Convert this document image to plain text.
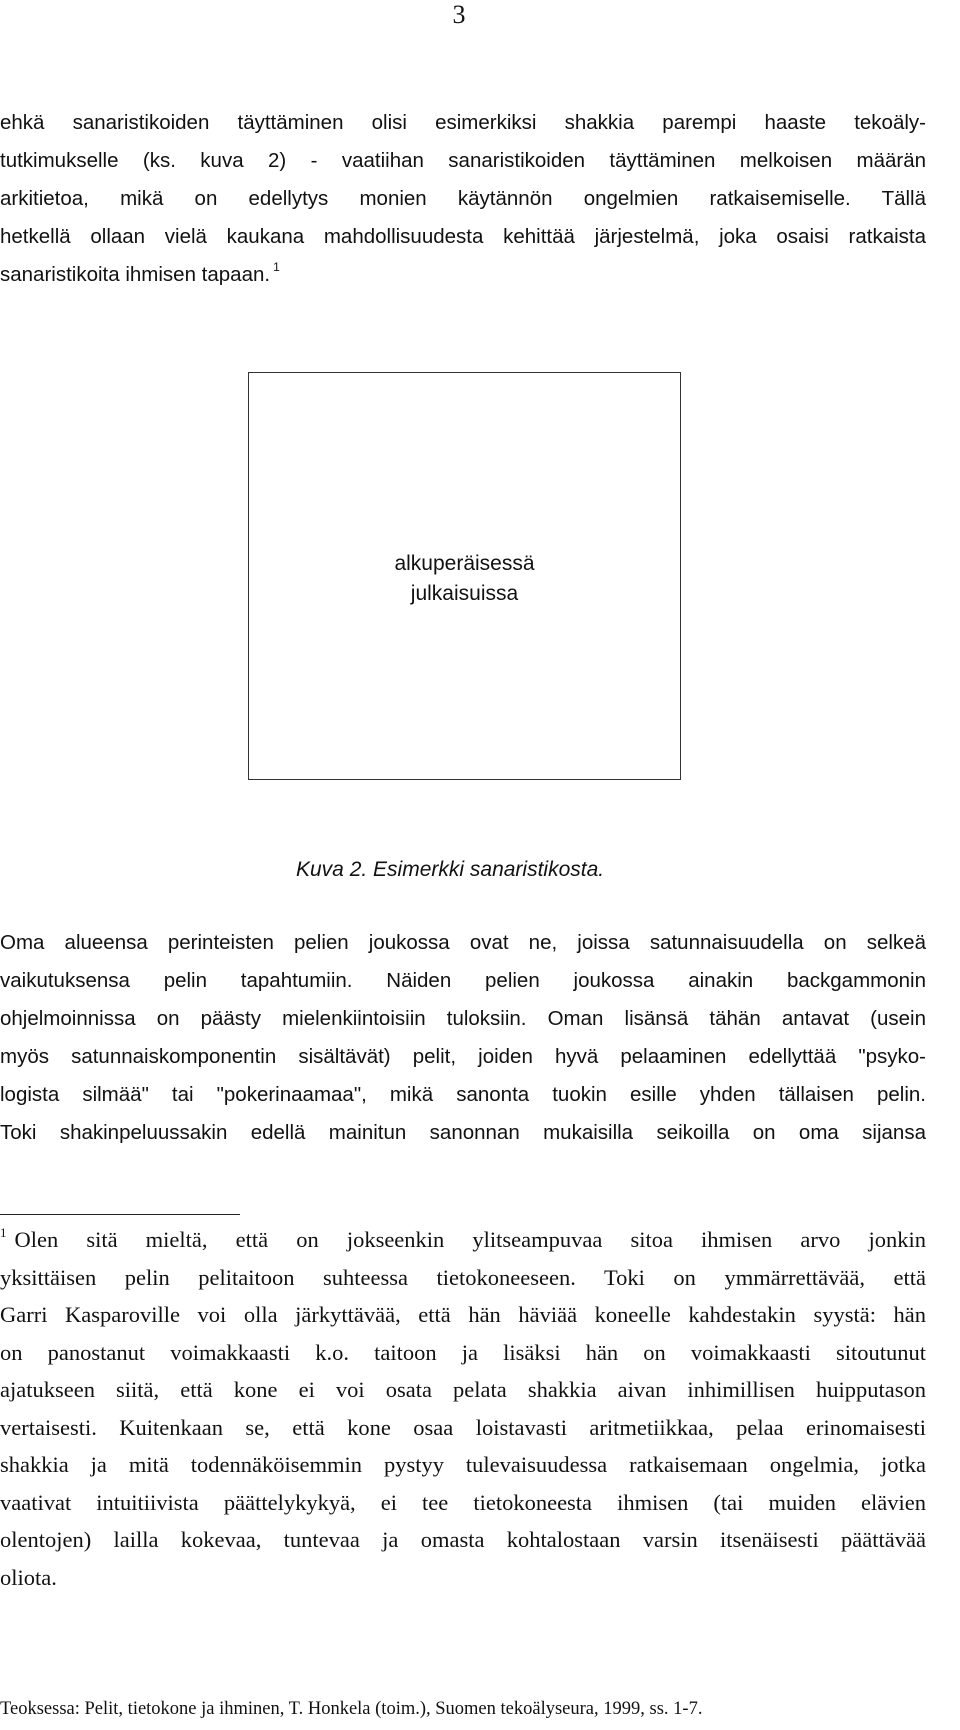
3
ehkä sanaristikoiden täyttäminen olisi esimerkiksi shakkia parempi haaste tekoäly-
tutkimukselle (ks. kuva 2) - vaatiihan sanaristikoiden täyttäminen melkoisen määrän
arkitietoa, mikä on edellytys monien käytännön ongelmien ratkaisemiselle. Tällä
hetkellä ollaan vielä kaukana mahdollisuudesta kehittää järjestelmä, joka osaisi ratkaista
sanaristikoita ihmisen tapaan. $^1$
alkuperäisessä
julkaisuissa
Kuva 2. Esimerkki sanaristikosta.
Oma alueensa perinteisten pelien joukossa ovat ne, joissa satunnaisuudella on selkeä
vaikutuksensa pelin tapahtumiin. Näiden pelien joukossa ainakin backgammonin
ohjelmoinnissa on päästy mielenkiintoisiin tuloksiin. Oman lisänsä tähän antavat (usein
myös satunnaiskomponentin sisältävät) pelit, joiden hyvä pelaaminen edellyttää "psyko-
logista silmää" tai "pokerinaamaa", mikä sanonta tuokin esille yhden tällaisen pelin.
Toki shakinpeluussakin edellä mainitun sanonnan mukaisilla seikoilla on oma sijansa
$^1$ Olen sitä mieltä, että on jokseenkin ylitseampuvaa sitoa ihmisen arvo jonkin
yksittäisen pelin pelitaitoon suhteessa tietokoneeseen. Toki on ymmärrettävää, että
Garri Kasparoville voi olla järkyttävää, että hän häviää koneelle kahdestakin syystä: hän
on panostanut voimakkaasti k.o. taitoon ja lisäksi hän on voimakkaasti sitoutunut
ajatukseen siitä, että kone ei voi osata pelata shakkia aivan inhimillisen huipputason
vertaisesti. Kuitenkaan se, että kone osaa loistavasti aritmetiikkaa, pelaa erinomaisesti
shakkia ja mitä todennäköisemmin pystyy tulevaisuudessa ratkaisemaan ongelmia, jotka
vaativat intuitiivista päättelykykyä, ei tee tietokoneesta ihmisen (tai muiden elävien
olentojen) lailla kokevaa, tuntevaa ja omasta kohtalostaan varsin itsenäisesti päättävää
oliota.
Teoksessa: Pelit, tietokone ja ihminen, T. Honkela (toim.), Suomen tekoälyseura, 1999, ss. 1-7.
